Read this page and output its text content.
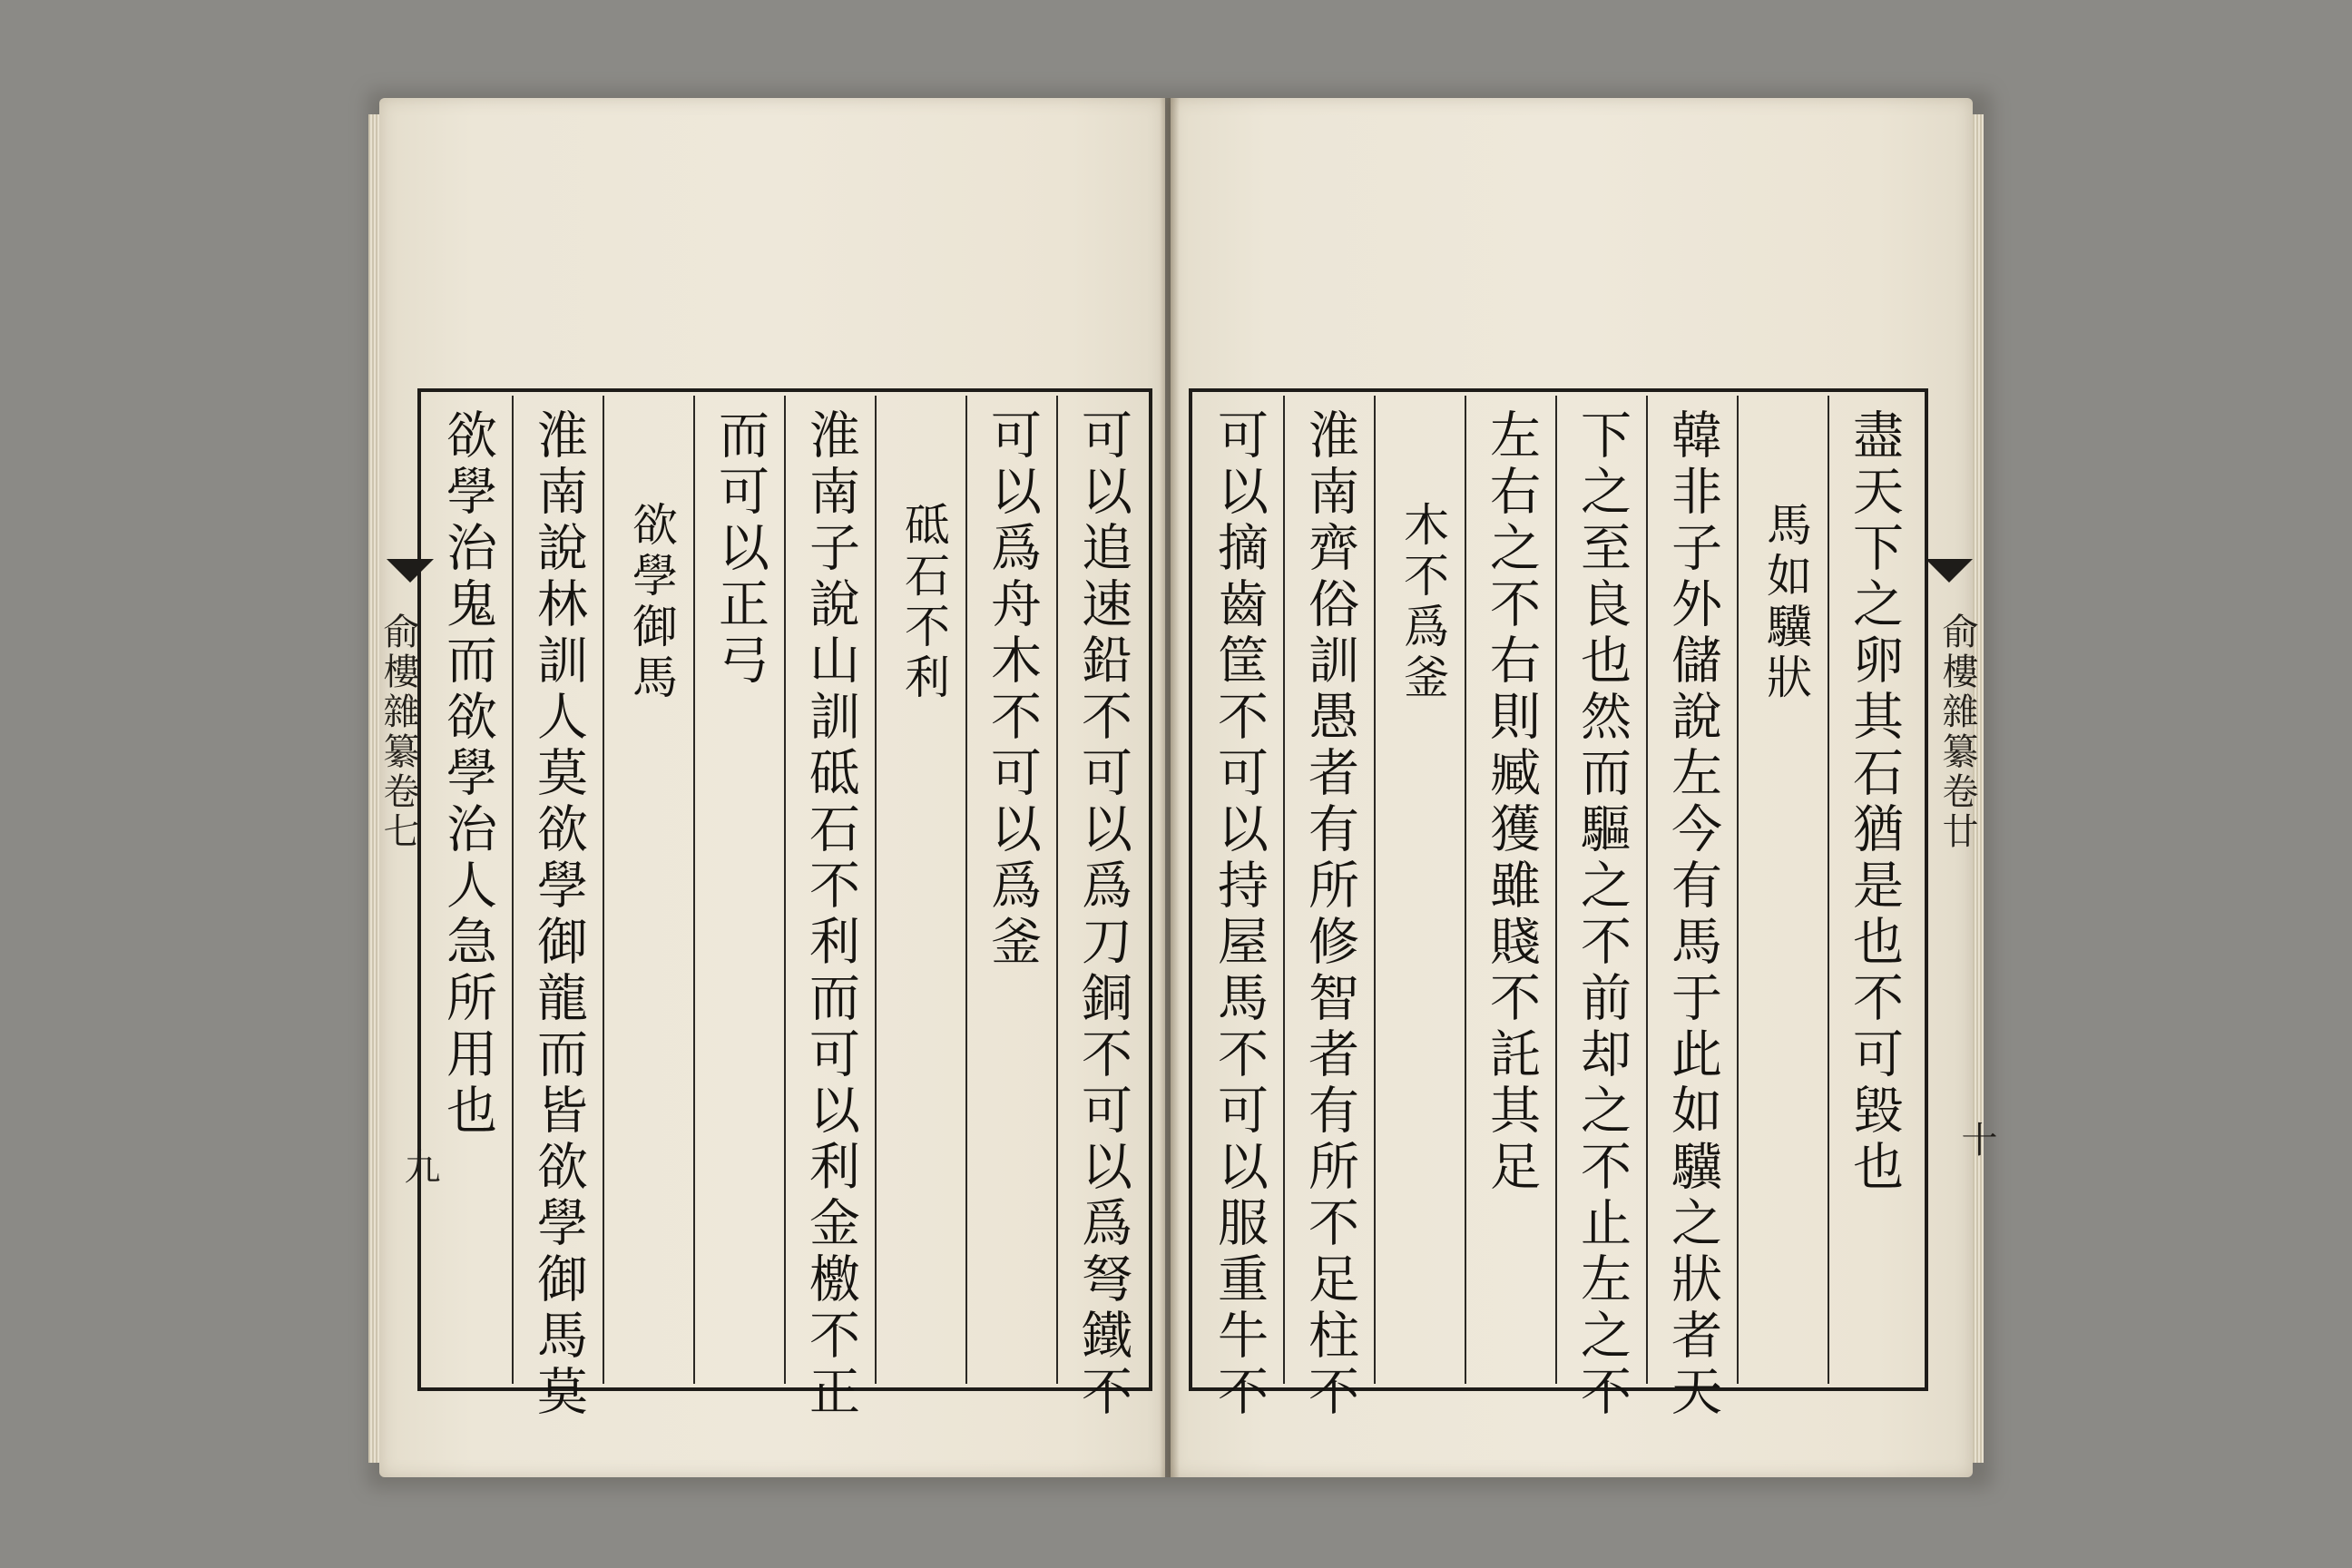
俞樓雜纂卷七
九
俞樓雜纂卷廿
十
可以追速鉛不可以爲刀銅不可以爲弩鐵不
可以爲舟木不可以爲釜
砥石不利
淮南子說山訓砥石不利而可以利金檄不正
而可以正弓
欲學御馬
淮南說林訓人莫欲學御龍而皆欲學御馬莫
欲學治鬼而欲學治人急所用也	盡天下之卵其石猶是也不可毀也
馬如驥狀
韓非子外儲說左今有馬于此如驥之狀者天
下之至良也然而驅之不前却之不止左之不
左右之不右則臧獲雖賤不託其足
木不爲釜
淮南齊俗訓愚者有所修智者有所不足柱不
可以摘齒筐不可以持屋馬不可以服重牛不
